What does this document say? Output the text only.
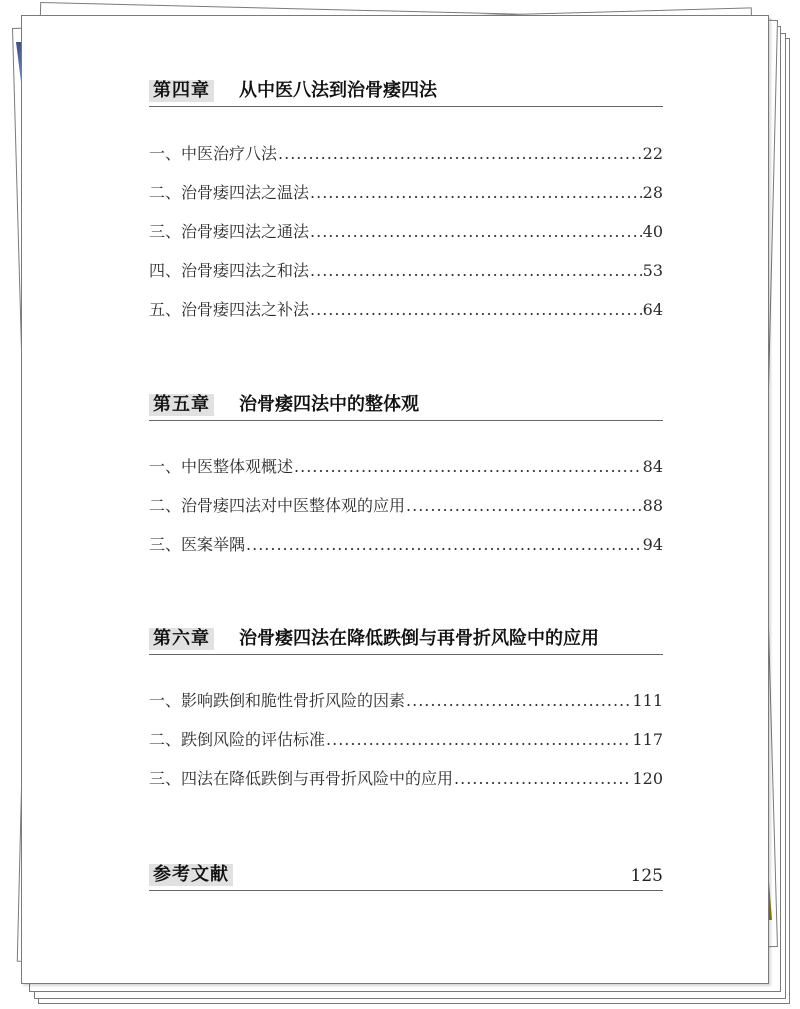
第四章 从中医八法到治骨痿四法
一、中医治疗八法 .....	22
二、治骨痿四法之温法 .....	28
三、治骨痿四法之通法 .....	40
四、治骨痿四法之和法 .....	53
五、治骨痿四法之补法 .....	64
第五章 治骨痿四法中的整体观
一、中医整体观概述 .....	84
二、治骨痿四法对中医整体观的应用 .....	88
三、医案举隅 .....	94
第六章 治骨痿四法在降低跌倒与再骨折风险中的应用
一、影响跌倒和脆性骨折风险的因素 .....	111
二、跌倒风险的评估标准 .....	117
三、四法在降低跌倒与再骨折风险中的应用 .....	120
参考文献	125
